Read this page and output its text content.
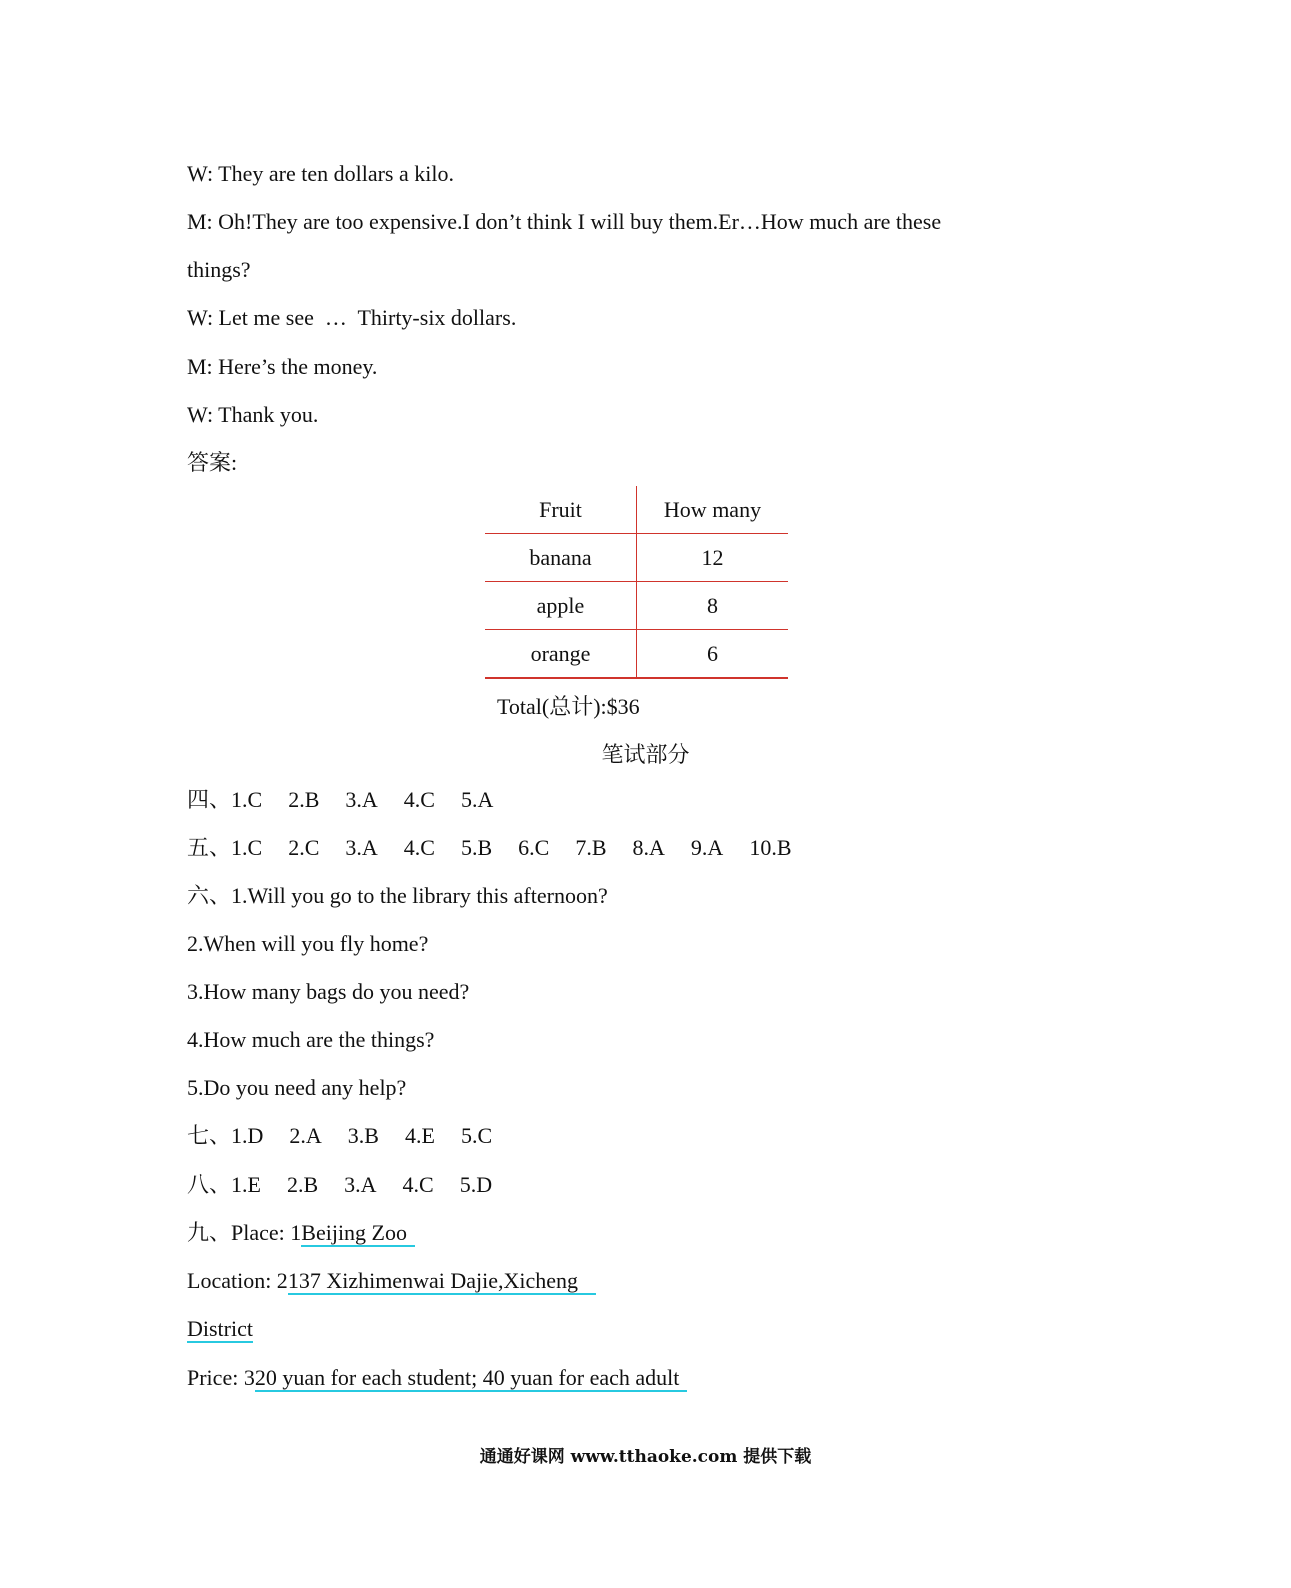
W: They are ten dollars a kilo.
M: Oh!They are too expensive.I don’t think I will buy them.Er…How much are these
things?
W: Let me see  …  Thirty-six dollars.
M: Here’s the money.
W: Thank you.
答案:
Fruit	How many
banana	12
apple	8
orange	6
Total(总计):$36
笔试部分
四、1.C 2.B 3.A 4.C 5.A
五、1.C 2.C 3.A 4.C 5.B 6.C 7.B 8.A 9.A 10.B
六、1.Will you go to the library this afternoon?
2.When will you fly home?
3.How many bags do you need?
4.How much are the things?
5.Do you need any help?
七、1.D 2.A 3.B 4.E 5.C
八、1.E 2.B 3.A 4.C 5.D
九、Place: 1Beijing Zoo
Location: 2137 Xizhimenwai Dajie,Xicheng
District
Price: 320 yuan for each student; 40 yuan for each adult
通通好课网 www.tthaoke.com 提供下载
